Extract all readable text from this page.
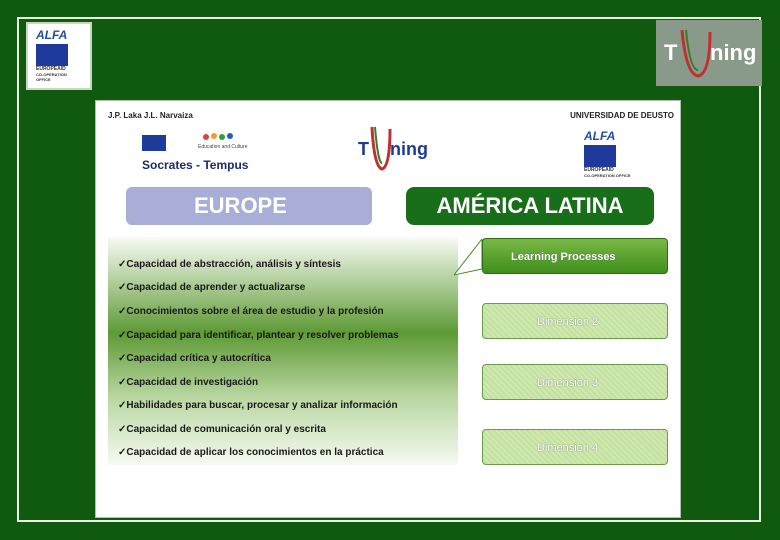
ALFA
EUROPEAID
CO-OPERATION OFFICE
T ning
J.P. Laka J.L. Narvaiza	UNIVERSIDAD DE DEUSTO
Education and Culture
Socrates - Tempus
T ning
ALFA
EUROPEAID
CO-OPERATION OFFICE
EUROPE	AMÉRICA LATINA
✓Capacidad de abstracción, análisis y síntesis
✓Capacidad de aprender y actualizarse
✓Conocimientos sobre el área de estudio y la profesión
✓Capacidad para identificar, plantear y resolver problemas
✓Capacidad crítica y autocrítica
✓Capacidad de investigación
✓Habilidades para buscar, procesar y analizar información
✓Capacidad de comunicación oral y escrita
✓Capacidad de aplicar los conocimientos en la práctica
Learning Processes
Dimension 2
Dimension 3
Dimension 4
